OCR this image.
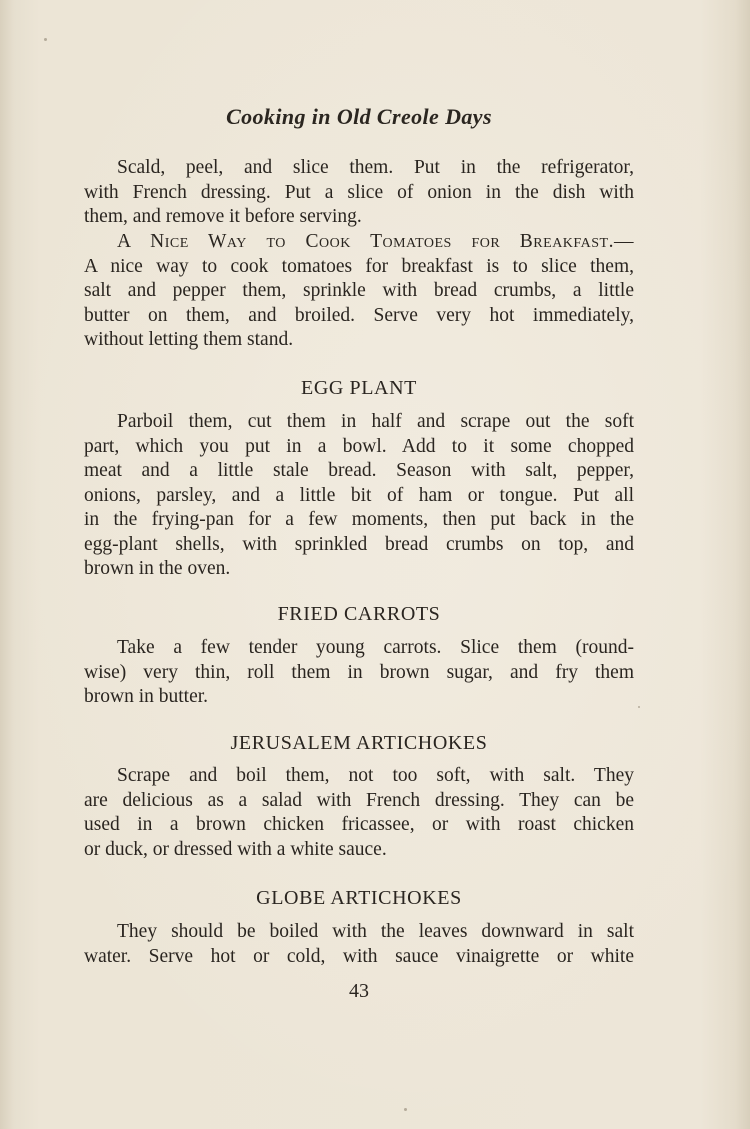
Cooking in Old Creole Days
Scald, peel, and slice them. Put in the refrigerator,
with French dressing. Put a slice of onion in the dish with
them, and remove it before serving.
A Nice Way to Cook Tomatoes for Breakfast.—
A nice way to cook tomatoes for breakfast is to slice them,
salt and pepper them, sprinkle with bread crumbs, a little
butter on them, and broiled. Serve very hot immediately,
without letting them stand.
EGG PLANT
Parboil them, cut them in half and scrape out the soft
part, which you put in a bowl. Add to it some chopped
meat and a little stale bread. Season with salt, pepper,
onions, parsley, and a little bit of ham or tongue. Put all
in the frying-pan for a few moments, then put back in the
egg-plant shells, with sprinkled bread crumbs on top, and
brown in the oven.
FRIED CARROTS
Take a few tender young carrots. Slice them (round-
wise) very thin, roll them in brown sugar, and fry them
brown in butter.
JERUSALEM ARTICHOKES
Scrape and boil them, not too soft, with salt. They
are delicious as a salad with French dressing. They can be
used in a brown chicken fricassee, or with roast chicken
or duck, or dressed with a white sauce.
GLOBE ARTICHOKES
They should be boiled with the leaves downward in salt
water. Serve hot or cold, with sauce vinaigrette or white
43
